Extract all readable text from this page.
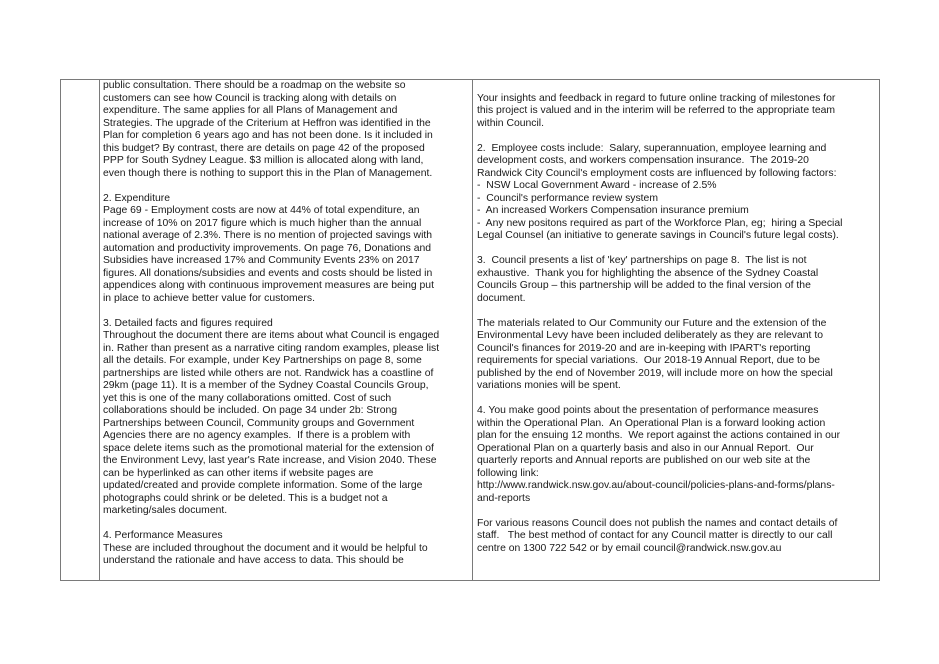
public consultation. There should be a roadmap on the website so
customers can see how Council is tracking along with details on
expenditure. The same applies for all Plans of Management and
Strategies. The upgrade of the Criterium at Heffron was identified in the
Plan for completion 6 years ago and has not been done. Is it included in
this budget? By contrast, there are details on page 42 of the proposed
PPP for South Sydney League. $3 million is allocated along with land,
even though there is nothing to support this in the Plan of Management.
2. Expenditure
Page 69 - Employment costs are now at 44% of total expenditure, an
increase of 10% on 2017 figure which is much higher than the annual
national average of 2.3%. There is no mention of projected savings with
automation and productivity improvements. On page 76, Donations and
Subsidies have increased 17% and Community Events 23% on 2017
figures. All donations/subsidies and events and costs should be listed in
appendices along with continuous improvement measures are being put
in place to achieve better value for customers.
3. Detailed facts and figures required
Throughout the document there are items about what Council is engaged
in. Rather than present as a narrative citing random examples, please list
all the details. For example, under Key Partnerships on page 8, some
partnerships are listed while others are not. Randwick has a coastline of
29km (page 11). It is a member of the Sydney Coastal Councils Group,
yet this is one of the many collaborations omitted. Cost of such
collaborations should be included. On page 34 under 2b: Strong
Partnerships between Council, Community groups and Government
Agencies there are no agency examples.  If there is a problem with
space delete items such as the promotional material for the extension of
the Environment Levy, last year's Rate increase, and Vision 2040. These
can be hyperlinked as can other items if website pages are
updated/created and provide complete information. Some of the large
photographs could shrink or be deleted. This is a budget not a
marketing/sales document.
4. Performance Measures
These are included throughout the document and it would be helpful to
understand the rationale and have access to data. This should be
Your insights and feedback in regard to future online tracking of milestones for
this project is valued and in the interim will be referred to the appropriate team
within Council.
2.  Employee costs include:  Salary, superannuation, employee learning and
development costs, and workers compensation insurance.  The 2019-20
Randwick City Council's employment costs are influenced by following factors:
-  NSW Local Government Award - increase of 2.5%
-  Council's performance review system
-  An increased Workers Compensation insurance premium
-  Any new positons required as part of the Workforce Plan, eg;  hiring a Special
Legal Counsel (an initiative to generate savings in Council's future legal costs).
3.  Council presents a list of 'key' partnerships on page 8.  The list is not
exhaustive.  Thank you for highlighting the absence of the Sydney Coastal
Councils Group – this partnership will be added to the final version of the
document.
The materials related to Our Community our Future and the extension of the
Environmental Levy have been included deliberately as they are relevant to
Council's finances for 2019-20 and are in-keeping with IPART's reporting
requirements for special variations.  Our 2018-19 Annual Report, due to be
published by the end of November 2019, will include more on how the special
variations monies will be spent.
4. You make good points about the presentation of performance measures
within the Operational Plan.  An Operational Plan is a forward looking action
plan for the ensuing 12 months.  We report against the actions contained in our
Operational Plan on a quarterly basis and also in our Annual Report.  Our
quarterly reports and Annual reports are published on our web site at the
following link:
http://www.randwick.nsw.gov.au/about-council/policies-plans-and-forms/plans-
and-reports
For various reasons Council does not publish the names and contact details of
staff.   The best method of contact for any Council matter is directly to our call
centre on 1300 722 542 or by email council@randwick.nsw.gov.au
